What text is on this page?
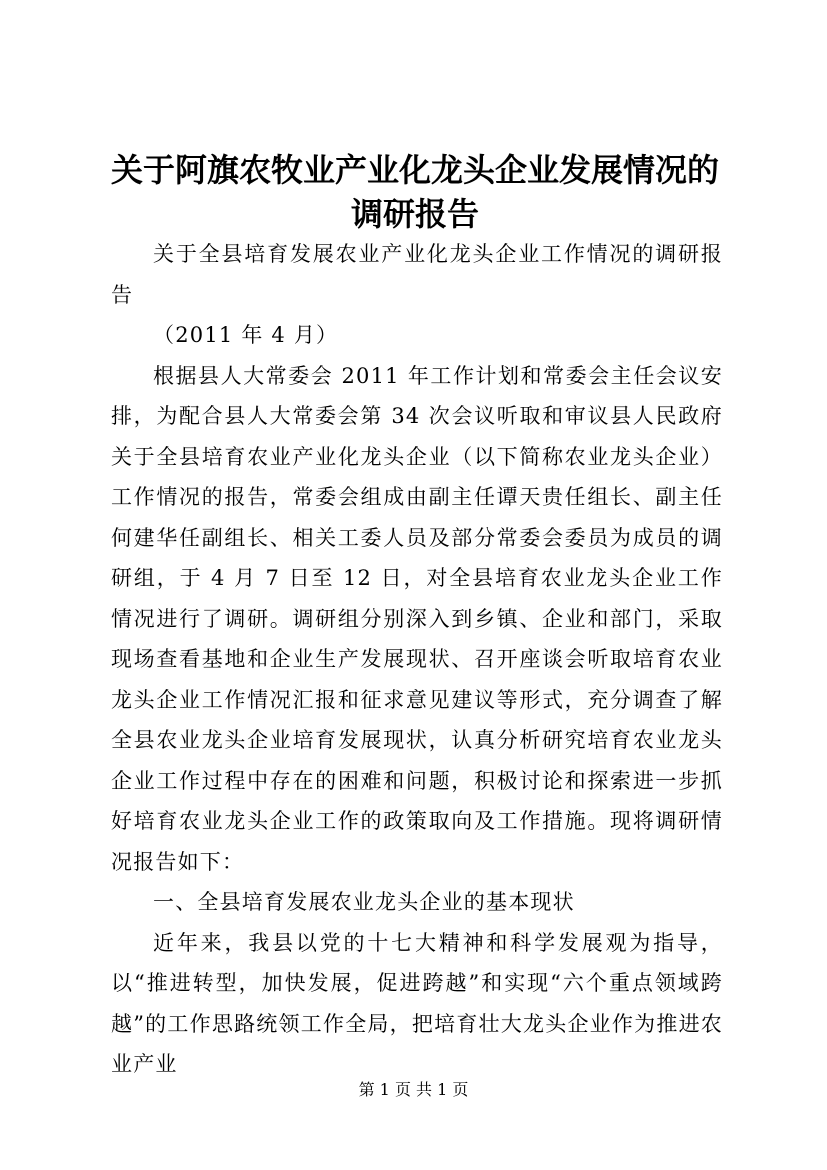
关于阿旗农牧业产业化龙头企业发展情况的调研报告

关于全县培育发展农业产业化龙头企业工作情况的调研报告

（2011 年 4 月）

根据县人大常委会 2011 年工作计划和常委会主任会议安排，为配合县人大常委会第 34 次会议听取和审议县人民政府关于全县培育农业产业化龙头企业（以下简称农业龙头企业）工作情况的报告，常委会组成由副主任谭天贵任组长、副主任何建华任副组长、相关工委人员及部分常委会委员为成员的调研组，于 4 月 7 日至 12 日，对全县培育农业龙头企业工作情况进行了调研。调研组分别深入到乡镇、企业和部门，采取现场查看基地和企业生产发展现状、召开座谈会听取培育农业龙头企业工作情况汇报和征求意见建议等形式，充分调查了解全县农业龙头企业培育发展现状，认真分析研究培育农业龙头企业工作过程中存在的困难和问题，积极讨论和探索进一步抓好培育农业龙头企业工作的政策取向及工作措施。现将调研情况报告如下：

一、全县培育发展农业龙头企业的基本现状

近年来，我县以党的十七大精神和科学发展观为指导，以“推进转型，加快发展，促进跨越”和实现“六个重点领域跨越”的工作思路统领工作全局，把培育壮大龙头企业作为推进农业产业

第 1 页 共 1 页
